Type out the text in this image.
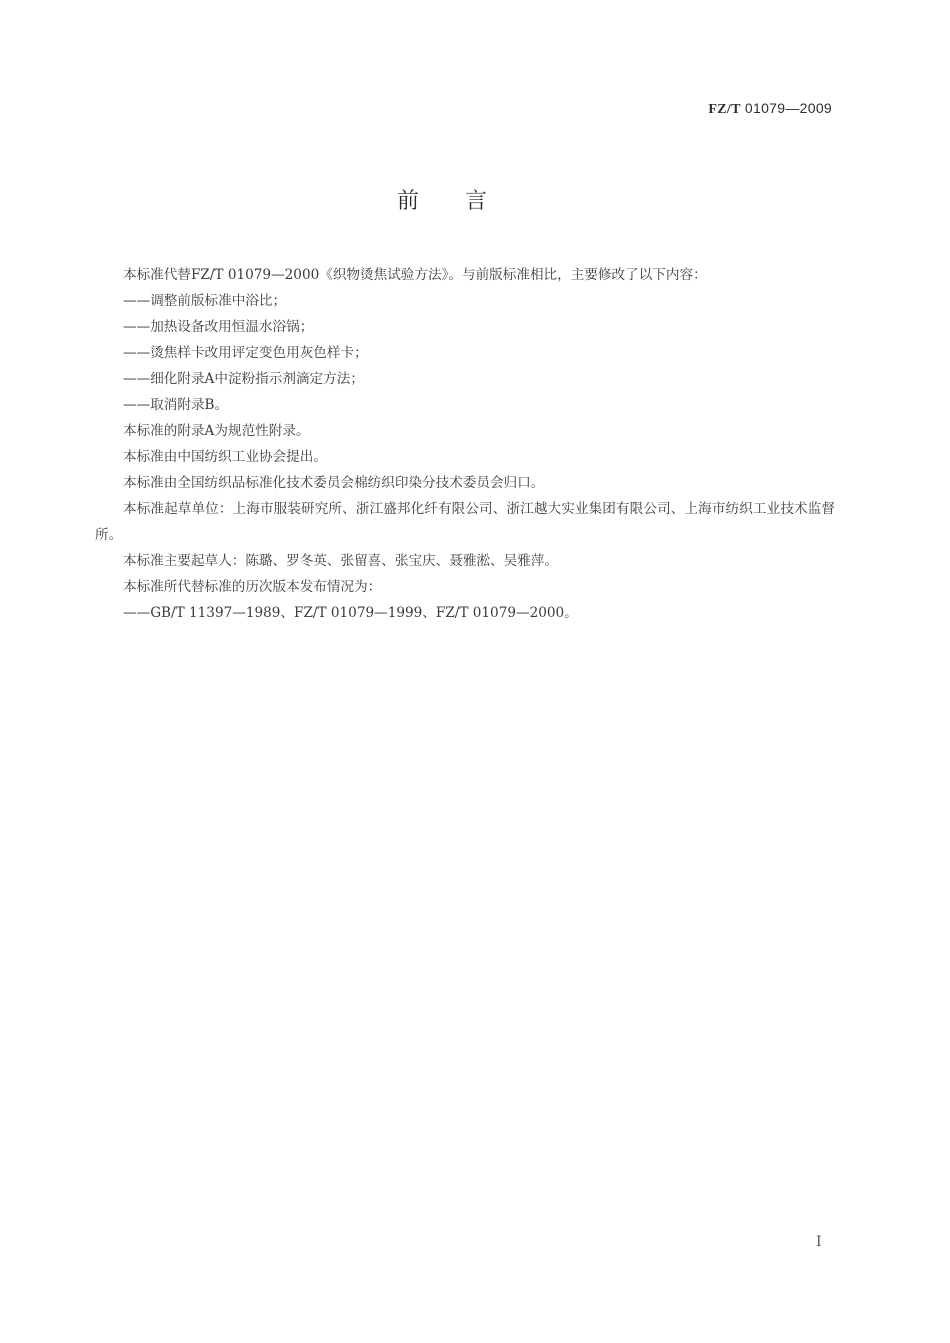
FZ/T 01079—2009
前言

本标准代替FZ/T 01079—2000《织物烫焦试验方法》。与前版标准相比，主要修改了以下内容：

——调整前版标准中浴比；

——加热设备改用恒温水浴锅；

——烫焦样卡改用评定变色用灰色样卡；

——细化附录A中淀粉指示剂滴定方法；

——取消附录B。

本标准的附录A为规范性附录。

本标准由中国纺织工业协会提出。

本标准由全国纺织品标准化技术委员会棉纺织印染分技术委员会归口。

本标准起草单位：上海市服装研究所、浙江盛邦化纤有限公司、浙江越大实业集团有限公司、上海市纺织工业技术监督所。

本标准主要起草人：陈璐、罗冬英、张留喜、张宝庆、聂雅淞、吴雅萍。

本标准所代替标准的历次版本发布情况为：

——GB/T 11397—1989、FZ/T 01079—1999、FZ/T 01079—2000。

I
